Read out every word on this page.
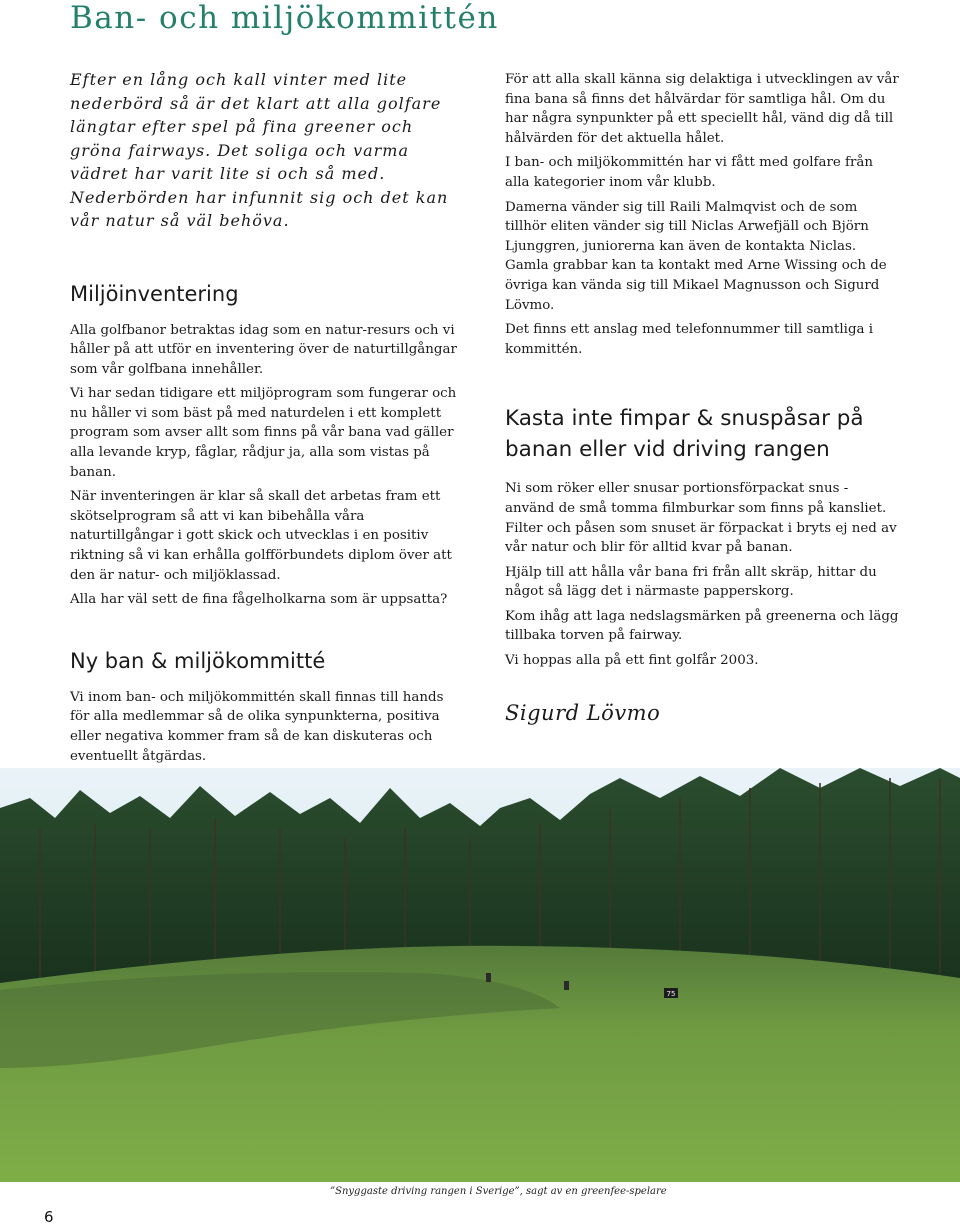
Ban- och miljökommittén

Efter en lång och kall vinter med lite nederbörd så är det klart att alla golfare längtar efter spel på fina greener och gröna fairways. Det soliga och varma vädret har varit lite si och så med. Nederbörden har infunnit sig och det kan vår natur så väl behöva.

Miljöinventering

Alla golfbanor betraktas idag som en natur-resurs och vi håller på att utför en inventering över de naturtillgångar som vår golfbana innehåller.

Vi har sedan tidigare ett miljöprogram som fungerar och nu håller vi som bäst på med naturdelen i ett komplett program som avser allt som finns på vår bana vad gäller alla levande kryp, fåglar, rådjur ja, alla som vistas på banan.

När inventeringen är klar så skall det arbetas fram ett skötselprogram så att vi kan bibehålla våra naturtillgångar i gott skick och utvecklas i en positiv riktning så vi kan erhålla golfförbundets diplom över att den är natur- och miljöklassad.

Alla har väl sett de fina fågelholkarna som är uppsatta?

Ny ban & miljökommitté

Vi inom ban- och miljökommittén skall finnas till hands för alla medlemmar så de olika synpunkterna, positiva eller negativa kommer fram så de kan diskuteras och eventuellt åtgärdas.

För att alla skall känna sig delaktiga i utvecklingen av vår fina bana så finns det hålvärdar för samtliga hål. Om du har några synpunkter på ett speciellt hål, vänd dig då till hålvärden för det aktuella hålet.

I ban- och miljökommittén har vi fått med golfare från alla kategorier inom vår klubb.

Damerna vänder sig till Raili Malmqvist och de som tillhör eliten vänder sig till Niclas Arwefjäll och Björn Ljunggren, juniorerna kan även de kontakta Niclas. Gamla grabbar kan ta kontakt med Arne Wissing och de övriga kan vända sig till Mikael Magnusson och Sigurd Lövmo.

Det finns ett anslag med telefonnummer till samtliga i kommittén.

Kasta inte fimpar & snuspåsar på banan eller vid driving rangen

Ni som röker eller snusar portionsförpackat snus - använd de små tomma filmburkar som finns på kansliet. Filter och påsen som snuset är förpackat i bryts ej ned av vår natur och blir för alltid kvar på banan.

Hjälp till att hålla vår bana fri från allt skräp, hittar du något så lägg det i närmaste papperskorg.

Kom ihåg att laga nedslagsmärken på greenerna och lägg tillbaka torven på fairway.

Vi hoppas alla på ett fint golfår 2003.

Sigurd Lövmo

75
”Snyggaste driving rangen i Sverige”, sagt av en greenfee-spelare
6
